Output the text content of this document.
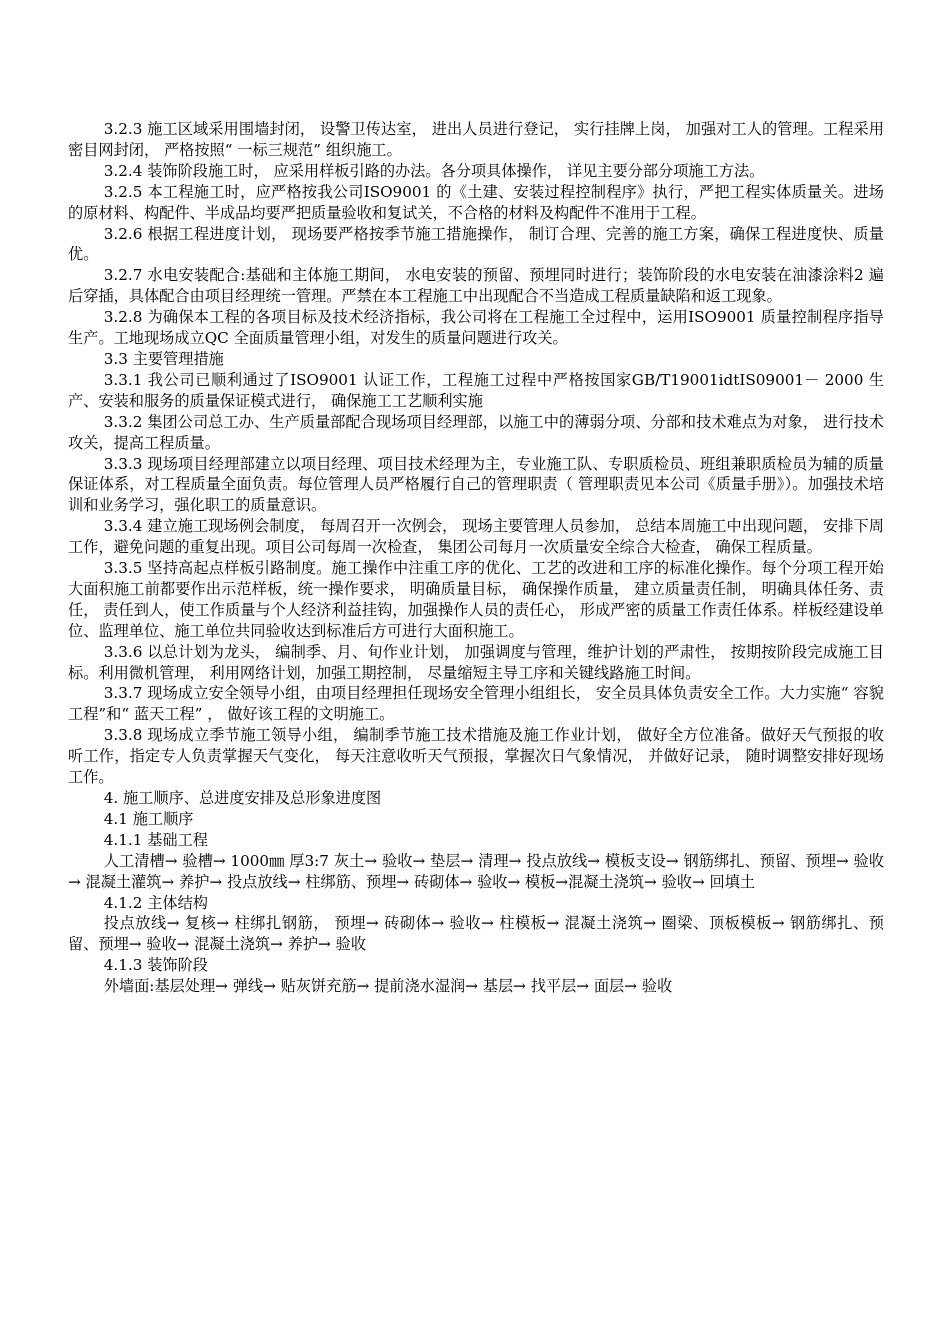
3.2.3 施工区域采用围墙封闭， 设警卫传达室， 进出人员进行登记， 实行挂牌上岗， 加强对工人的管理。工程采用密目网封闭， 严格按照“ 一标三规范” 组织施工。

3.2.4 装饰阶段施工时， 应采用样板引路的办法。各分项具体操作， 详见主要分部分项施工方法。

3.2.5 本工程施工时，应严格按我公司ISO9001 的《土建、安装过程控制程序》执行，严把工程实体质量关。进场的原材料、构配件、半成品均要严把质量验收和复试关，不合格的材料及构配件不准用于工程。

3.2.6 根据工程进度计划， 现场要严格按季节施工措施操作， 制订合理、完善的施工方案，确保工程进度快、质量优。

3.2.7 水电安装配合:基础和主体施工期间， 水电安装的预留、预埋同时进行；装饰阶段的水电安装在油漆涂料2 遍后穿插，具体配合由项目经理统一管理。严禁在本工程施工中出现配合不当造成工程质量缺陷和返工现象。

3.2.8 为确保本工程的各项目标及技术经济指标，我公司将在工程施工全过程中，运用ISO9001 质量控制程序指导生产。工地现场成立QC 全面质量管理小组，对发生的质量问题进行攻关。

3.3 主要管理措施

3.3.1 我公司已顺利通过了ISO9001 认证工作，工程施工过程中严格按国家GB/T19001idtIS09001－ 2000 生产、安装和服务的质量保证模式进行， 确保施工工艺顺利实施

3.3.2 集团公司总工办、生产质量部配合现场项目经理部，以施工中的薄弱分项、分部和技术难点为对象， 进行技术攻关，提高工程质量。

3.3.3 现场项目经理部建立以项目经理、项目技术经理为主，专业施工队、专职质检员、班组兼职质检员为辅的质量保证体系，对工程质量全面负责。每位管理人员严格履行自己的管理职责（ 管理职责见本公司《质量手册》）。加强技术培训和业务学习，强化职工的质量意识。

3.3.4 建立施工现场例会制度， 每周召开一次例会， 现场主要管理人员参加， 总结本周施工中出现问题， 安排下周工作，避免问题的重复出现。项目公司每周一次检查， 集团公司每月一次质量安全综合大检查， 确保工程质量。

3.3.5 坚持高起点样板引路制度。施工操作中注重工序的优化、工艺的改进和工序的标准化操作。每个分项工程开始大面积施工前都要作出示范样板，统一操作要求， 明确质量目标， 确保操作质量， 建立质量责任制， 明确具体任务、责任， 责任到人，使工作质量与个人经济利益挂钩，加强操作人员的责任心， 形成严密的质量工作责任体系。样板经建设单位、监理单位、施工单位共同验收达到标准后方可进行大面积施工。

3.3.6 以总计划为龙头， 编制季、月、旬作业计划， 加强调度与管理，维护计划的严肃性， 按期按阶段完成施工目标。利用微机管理， 利用网络计划，加强工期控制， 尽量缩短主导工序和关键线路施工时间。

3.3.7 现场成立安全领导小组，由项目经理担任现场安全管理小组组长， 安全员具体负责安全工作。大力实施“ 容貌工程”和“ 蓝天工程” ， 做好该工程的文明施工。

3.3.8 现场成立季节施工领导小组， 编制季节施工技术措施及施工作业计划， 做好全方位准备。做好天气预报的收听工作，指定专人负责掌握天气变化， 每天注意收听天气预报，掌握次日气象情况， 并做好记录， 随时调整安排好现场工作。

4. 施工顺序、总进度安排及总形象进度图

4.1 施工顺序

4.1.1 基础工程

人工清槽→ 验槽→ 1000㎜ 厚3:7 灰土→ 验收→ 垫层→ 清理→ 投点放线→ 模板支设→ 钢筋绑扎、预留、预埋→ 验收→ 混凝土灌筑→ 养护→ 投点放线→ 柱绑筋、预埋→ 砖砌体→ 验收→ 模板→混凝土浇筑→ 验收→ 回填土

4.1.2 主体结构

投点放线→ 复核→ 柱绑扎钢筋， 预埋→ 砖砌体→ 验收→ 柱模板→ 混凝土浇筑→ 圈梁、顶板模板→ 钢筋绑扎、预留、预埋→ 验收→ 混凝土浇筑→ 养护→ 验收

4.1.3 装饰阶段

外墙面:基层处理→ 弹线→ 贴灰饼充筋→ 提前浇水湿润→ 基层→ 找平层→ 面层→ 验收
